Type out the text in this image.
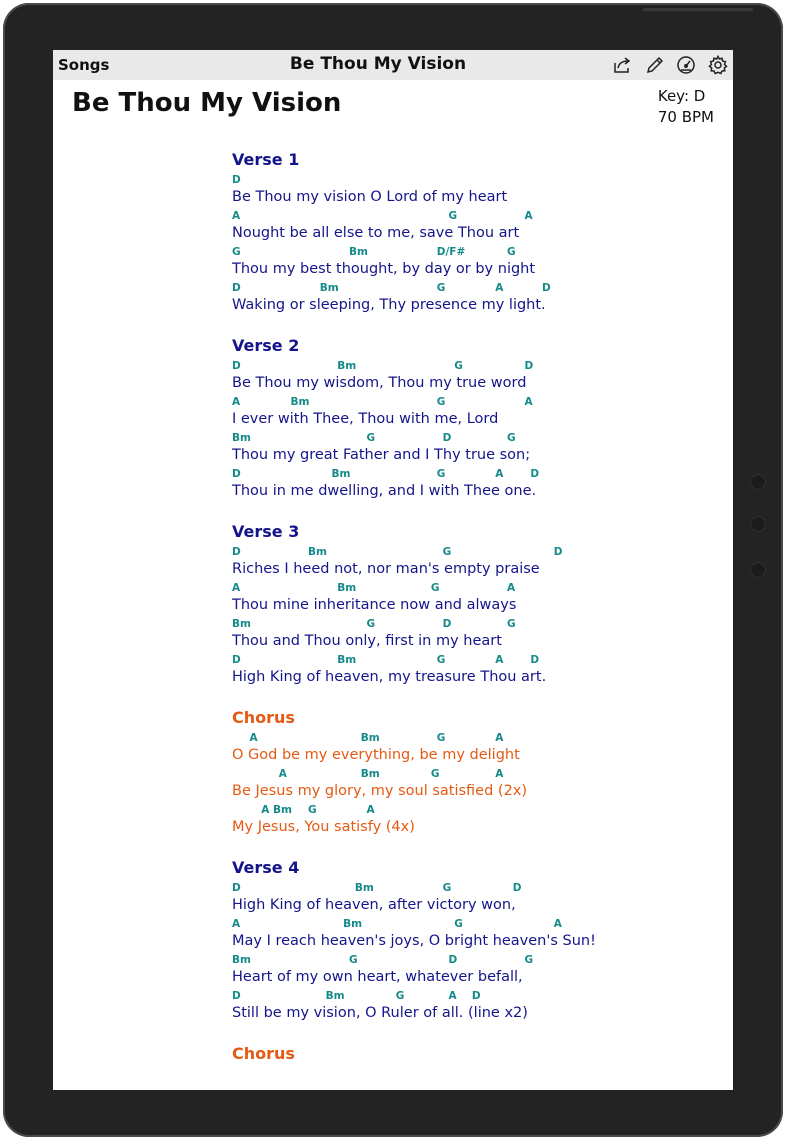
Songs	Be Thou My Vision
Be Thou My Vision	Key: D
70 BPM
Verse 1
D
Be Thou my vision O Lord of my heart
A	G	A
Nought be all else to me, save Thou art
G	Bm	D/F#	G
Thou my best thought, by day or by night
D	Bm	G	A	D
Waking or sleeping, Thy presence my light.
Verse 2
D	Bm	G	D
Be Thou my wisdom, Thou my true word
A	Bm	G	A
I ever with Thee, Thou with me, Lord
Bm	G	D	G
Thou my great Father and I Thy true son;
D	Bm	G	A	D
Thou in me dwelling, and I with Thee one.
Verse 3
D	Bm	G	D
Riches I heed not, nor man's empty praise
A	Bm	G	A
Thou mine inheritance now and always
Bm	G	D	G
Thou and Thou only, first in my heart
D	Bm	G	A	D
High King of heaven, my treasure Thou art.
Chorus
A	Bm	G	A
O God be my everything, be my delight
A	Bm	G	A
Be Jesus my glory, my soul satisfied (2x)
A Bm G	A
My Jesus, You satisfy (4x)
Verse 4
D	Bm	G	D
High King of heaven, after victory won,
A	Bm	G	A
May I reach heaven's joys, O bright heaven's Sun!
Bm	G	D	G
Heart of my own heart, whatever befall,
D	Bm	G	A D
Still be my vision, O Ruler of all. (line x2)
Chorus
